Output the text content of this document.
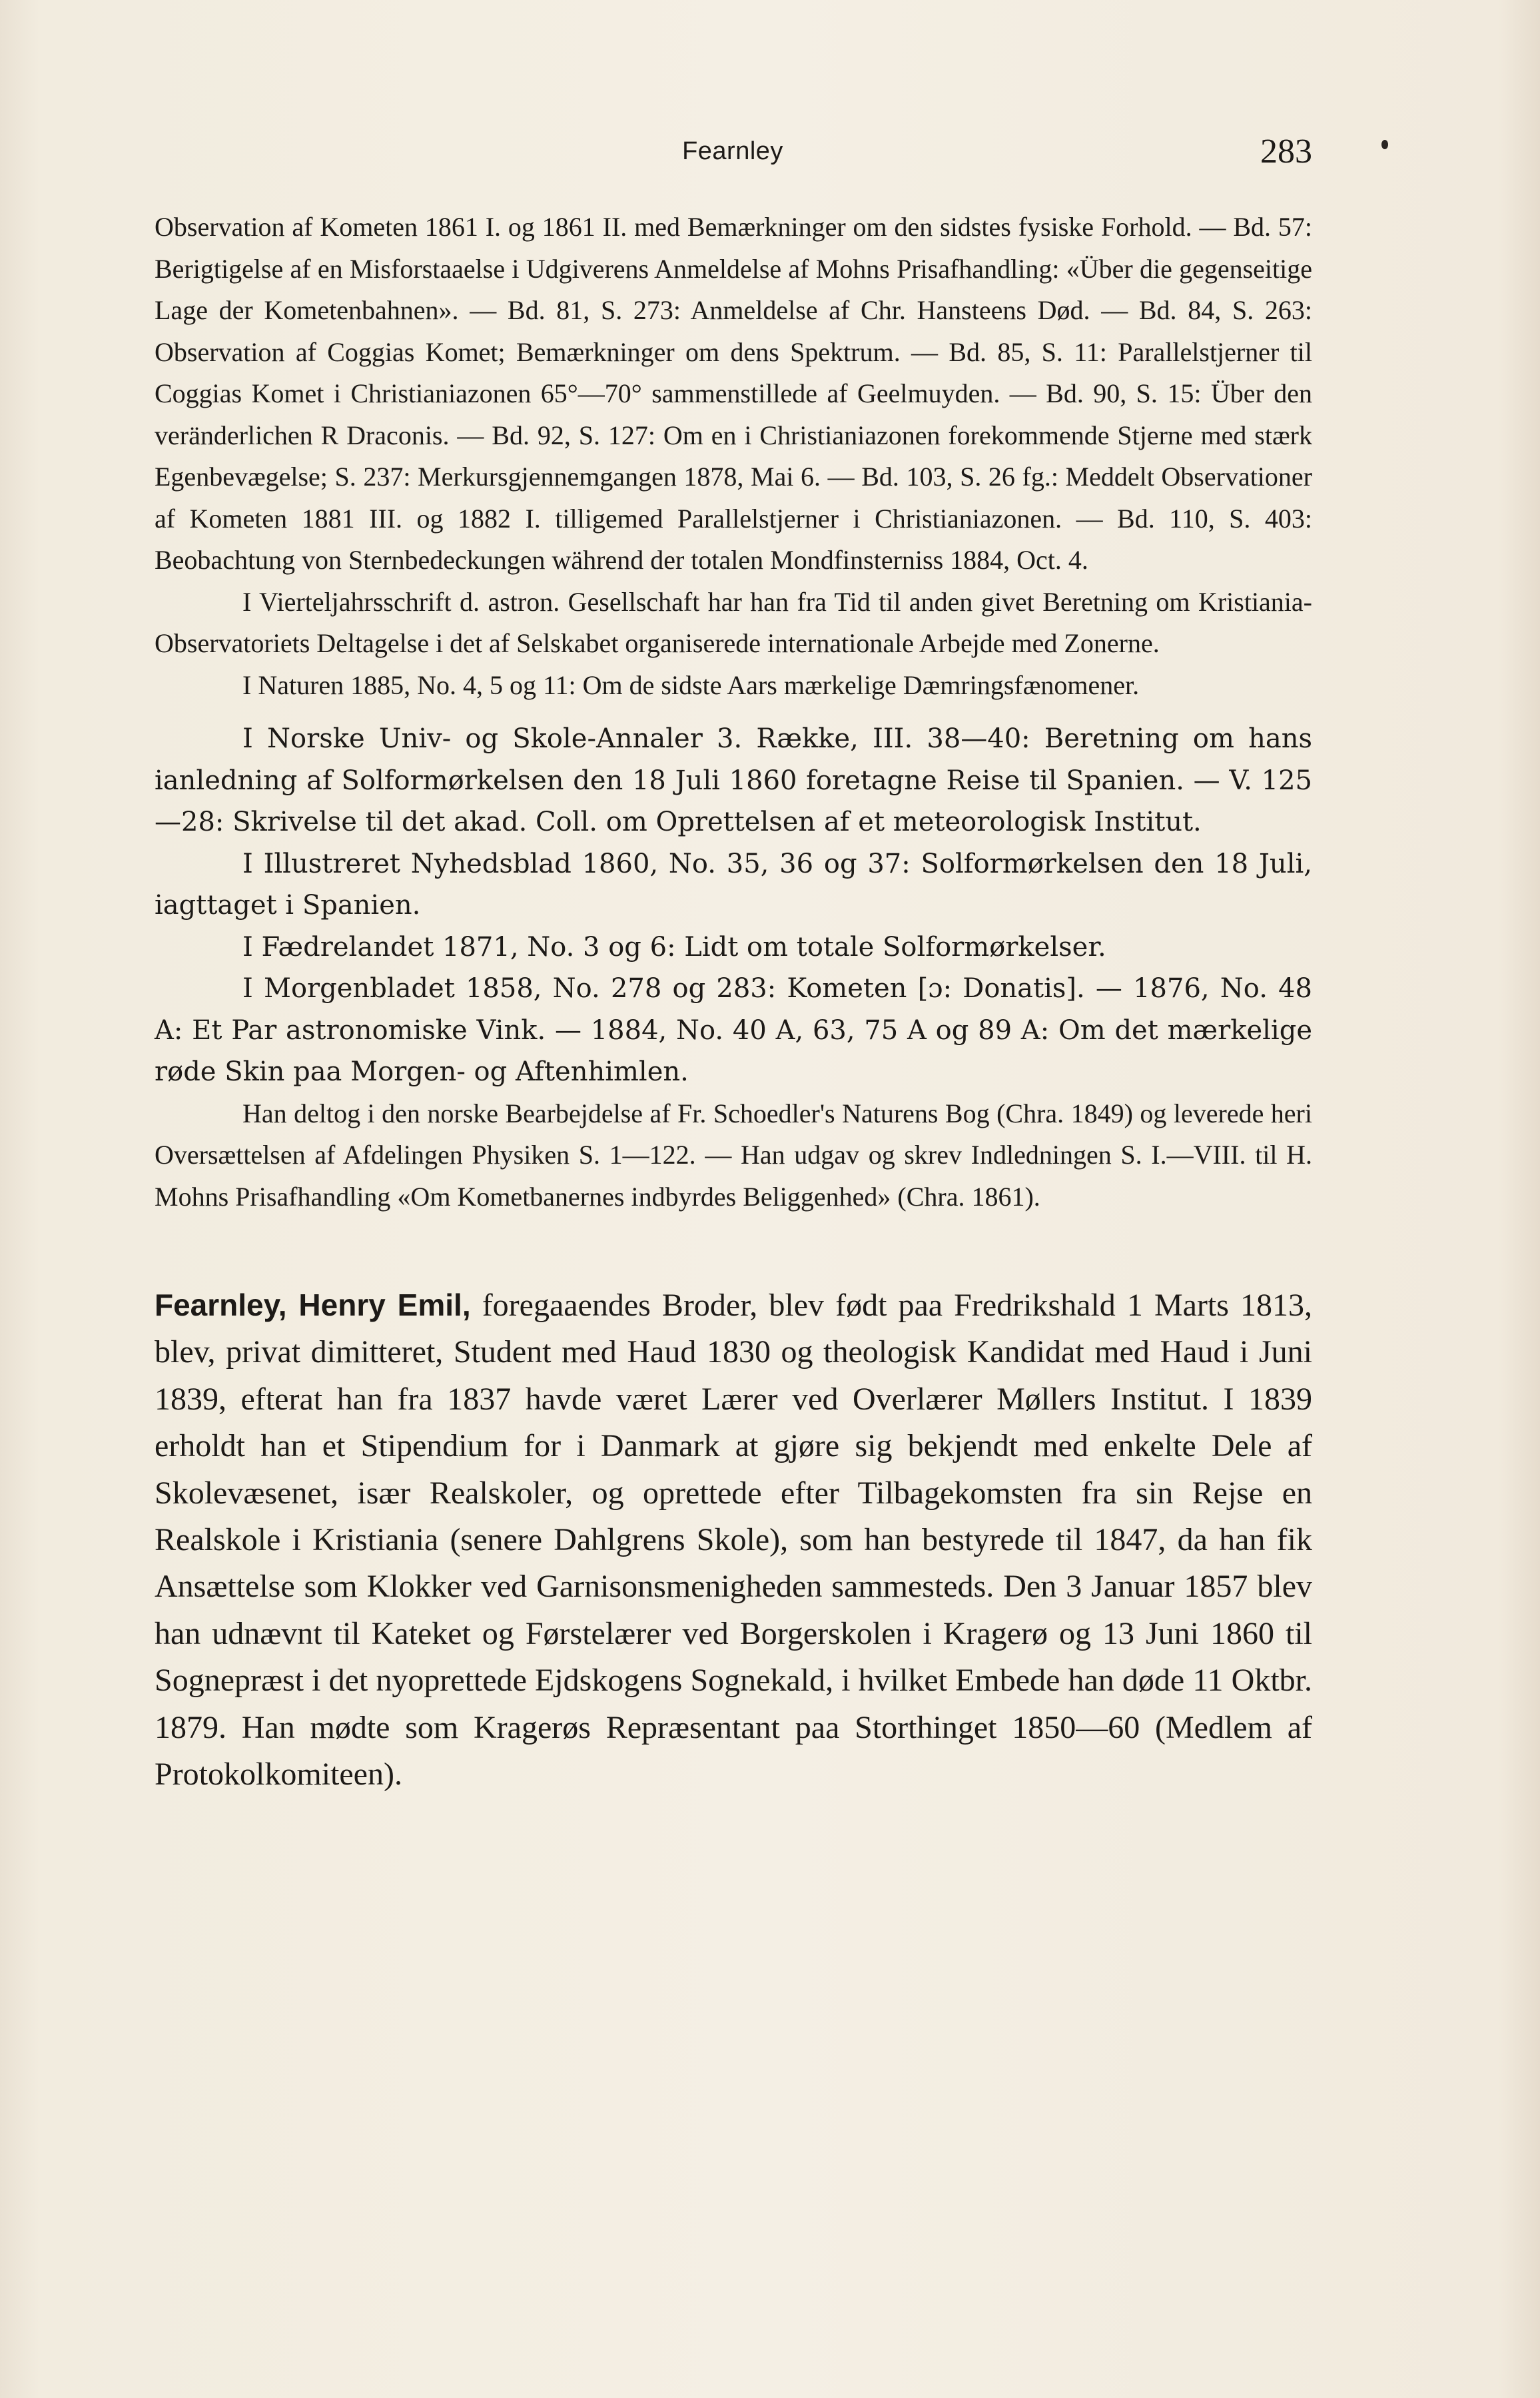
Fearnley	283

Observation af Kometen 1861 I. og 1861 II. med Bemærkninger om den sidstes fysiske Forhold. — Bd. 57: Berigtigelse af en Misforstaaelse i Udgiverens Anmeldelse af Mohns Prisafhandling: «Über die gegenseitige Lage der Kometenbahnen». — Bd. 81, S. 273: Anmeldelse af Chr. Hansteens Død. — Bd. 84, S. 263: Observation af Coggias Komet; Bemærkninger om dens Spektrum. — Bd. 85, S. 11: Parallelstjerner til Coggias Komet i Christianiazonen 65°—70° sammenstillede af Geelmuyden. — Bd. 90, S. 15: Über den veränderlichen R Draconis. — Bd. 92, S. 127: Om en i Christianiazonen forekommende Stjerne med stærk Egenbevægelse; S. 237: Merkursgjennemgangen 1878, Mai 6. — Bd. 103, S. 26 fg.: Meddelt Observationer af Kometen 1881 III. og 1882 I. tilligemed Parallelstjerner i Christianiazonen. — Bd. 110, S. 403: Beobachtung von Sternbedeckungen während der totalen Mondfinsterniss 1884, Oct. 4.

I Vierteljahrsschrift d. astron. Gesellschaft har han fra Tid til anden givet Beretning om Kristiania-Observatoriets Deltagelse i det af Selskabet organiserede internationale Arbejde med Zonerne.

I Naturen 1885, No. 4, 5 og 11: Om de sidste Aars mærkelige Dæmringsfænomener.

I Norske Univ- og Skole-Annaler 3. Række, III. 38—40: Beretning om hans ianledning af Solformørkelsen den 18 Juli 1860 foretagne Reise til Spanien. — V. 125—28: Skrivelse til det akad. Coll. om Oprettelsen af et meteorologisk Institut.

I Illustreret Nyhedsblad 1860, No. 35, 36 og 37: Solformørkelsen den 18 Juli, iagttaget i Spanien.

I Fædrelandet 1871, No. 3 og 6: Lidt om totale Solformørkelser.

I Morgenbladet 1858, No. 278 og 283: Kometen [ɔ: Donatis]. — 1876, No. 48 A: Et Par astronomiske Vink. — 1884, No. 40 A, 63, 75 A og 89 A: Om det mærkelige røde Skin paa Morgen- og Aftenhimlen.

Han deltog i den norske Bearbejdelse af Fr. Schoedler's Naturens Bog (Chra. 1849) og leverede heri Oversættelsen af Afdelingen Physiken S. 1—122. — Han udgav og skrev Indledningen S. I.—VIII. til H. Mohns Prisafhandling «Om Kometbanernes indbyrdes Beliggenhed» (Chra. 1861).

Fearnley, Henry Emil, foregaaendes Broder, blev født paa Fredrikshald 1 Marts 1813, blev, privat dimitteret, Student med Haud 1830 og theologisk Kandidat med Haud i Juni 1839, efterat han fra 1837 havde været Lærer ved Overlærer Møllers Institut. I 1839 erholdt han et Stipendium for i Danmark at gjøre sig bekjendt med enkelte Dele af Skolevæsenet, især Realskoler, og oprettede efter Tilbagekomsten fra sin Rejse en Realskole i Kristiania (senere Dahlgrens Skole), som han bestyrede til 1847, da han fik Ansættelse som Klokker ved Garnisonsmenigheden sammesteds. Den 3 Januar 1857 blev han udnævnt til Kateket og Førstelærer ved Borgerskolen i Kragerø og 13 Juni 1860 til Sognepræst i det nyoprettede Ejdskogens Sognekald, i hvilket Embede han døde 11 Oktbr. 1879. Han mødte som Kragerøs Repræsentant paa Storthinget 1850—60 (Medlem af Protokolkomiteen).
